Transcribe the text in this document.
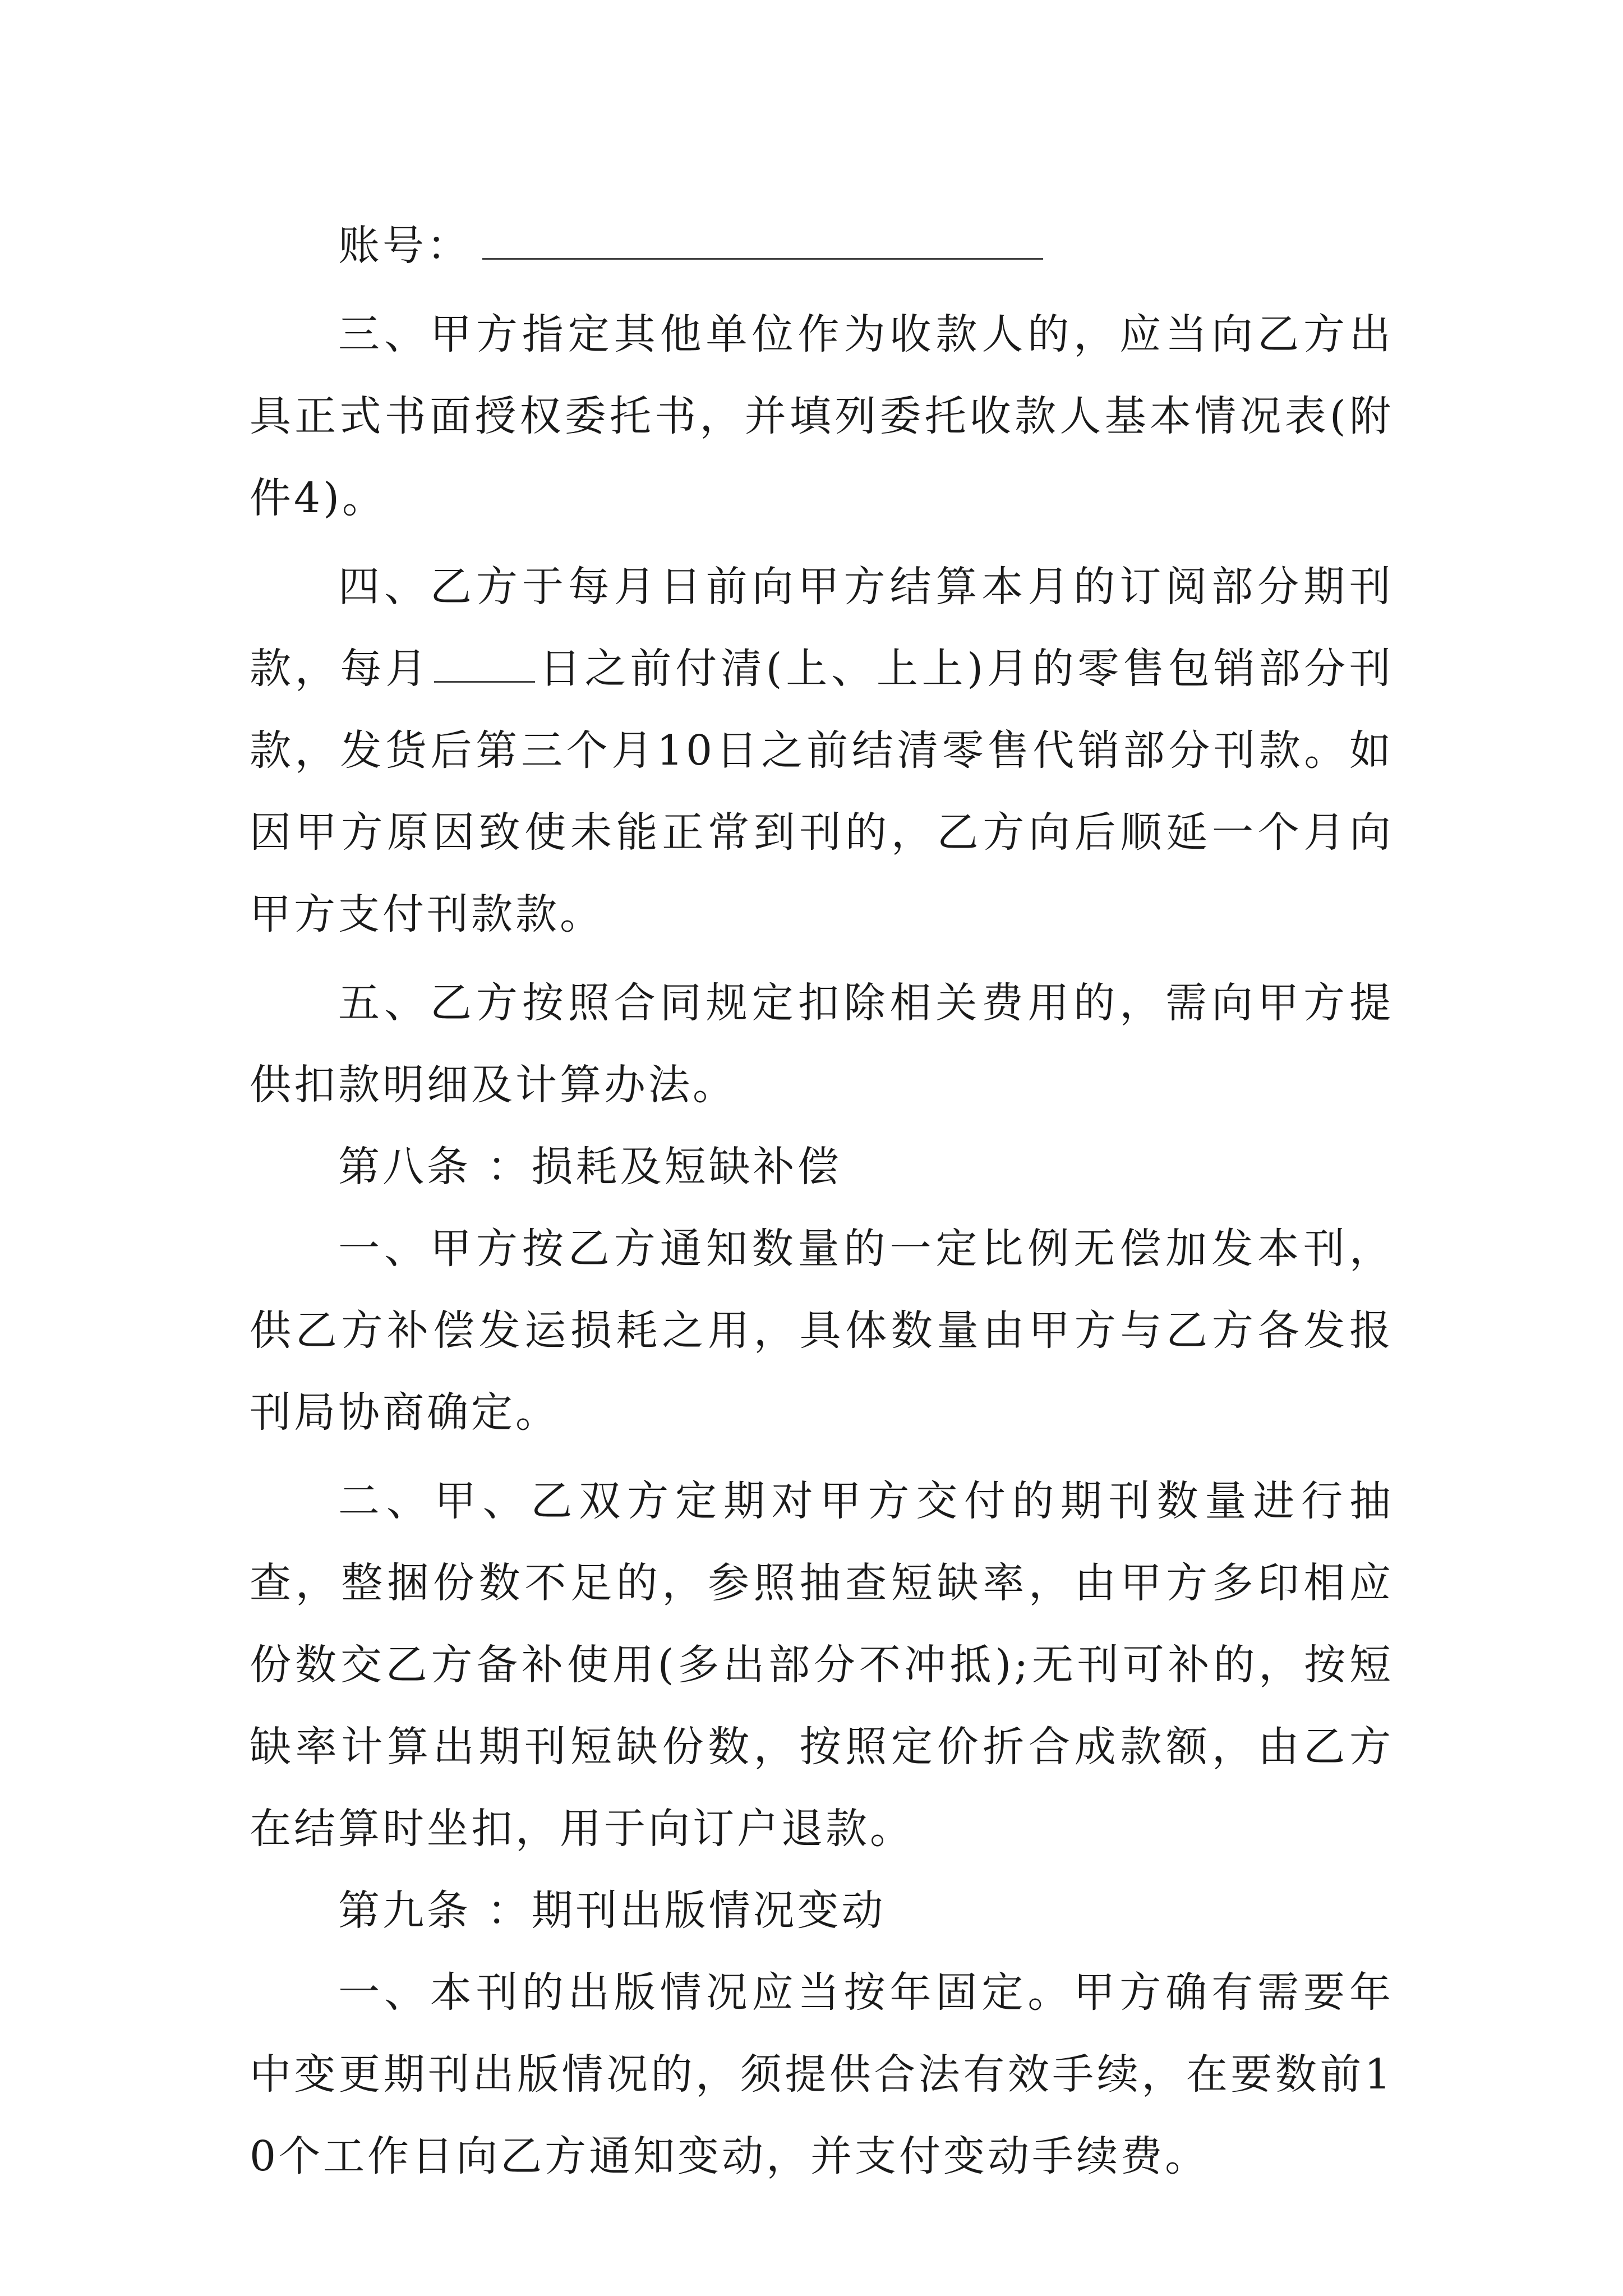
账号：

三、甲方指定其他单位作为收款人的，应当向乙方出具正式书面授权委托书，并填列委托收款人基本情况表(附件4)。

四、乙方于每月日前向甲方结算本月的订阅部分期刊款，每月	日之前付清(上、上上)月的零售包销部分刊款，发货后第三个月10日之前结清零售代销部分刊款。如因甲方原因致使未能正常到刊的，乙方向后顺延一个月向甲方支付刊款款。

五、乙方按照合同规定扣除相关费用的，需向甲方提供扣款明细及计算办法。

第八条 ：损耗及短缺补偿

一、甲方按乙方通知数量的一定比例无偿加发本刊，供乙方补偿发运损耗之用，具体数量由甲方与乙方各发报刊局协商确定。

二、甲、乙双方定期对甲方交付的期刊数量进行抽查，整捆份数不足的，参照抽查短缺率，由甲方多印相应份数交乙方备补使用(多出部分不冲抵);无刊可补的，按短缺率计算出期刊短缺份数，按照定价折合成款额，由乙方在结算时坐扣，用于向订户退款。

第九条 ：期刊出版情况变动

一、本刊的出版情况应当按年固定。甲方确有需要年中变更期刊出版情况的，须提供合法有效手续，在要数前10个工作日向乙方通知变动，并支付变动手续费。
